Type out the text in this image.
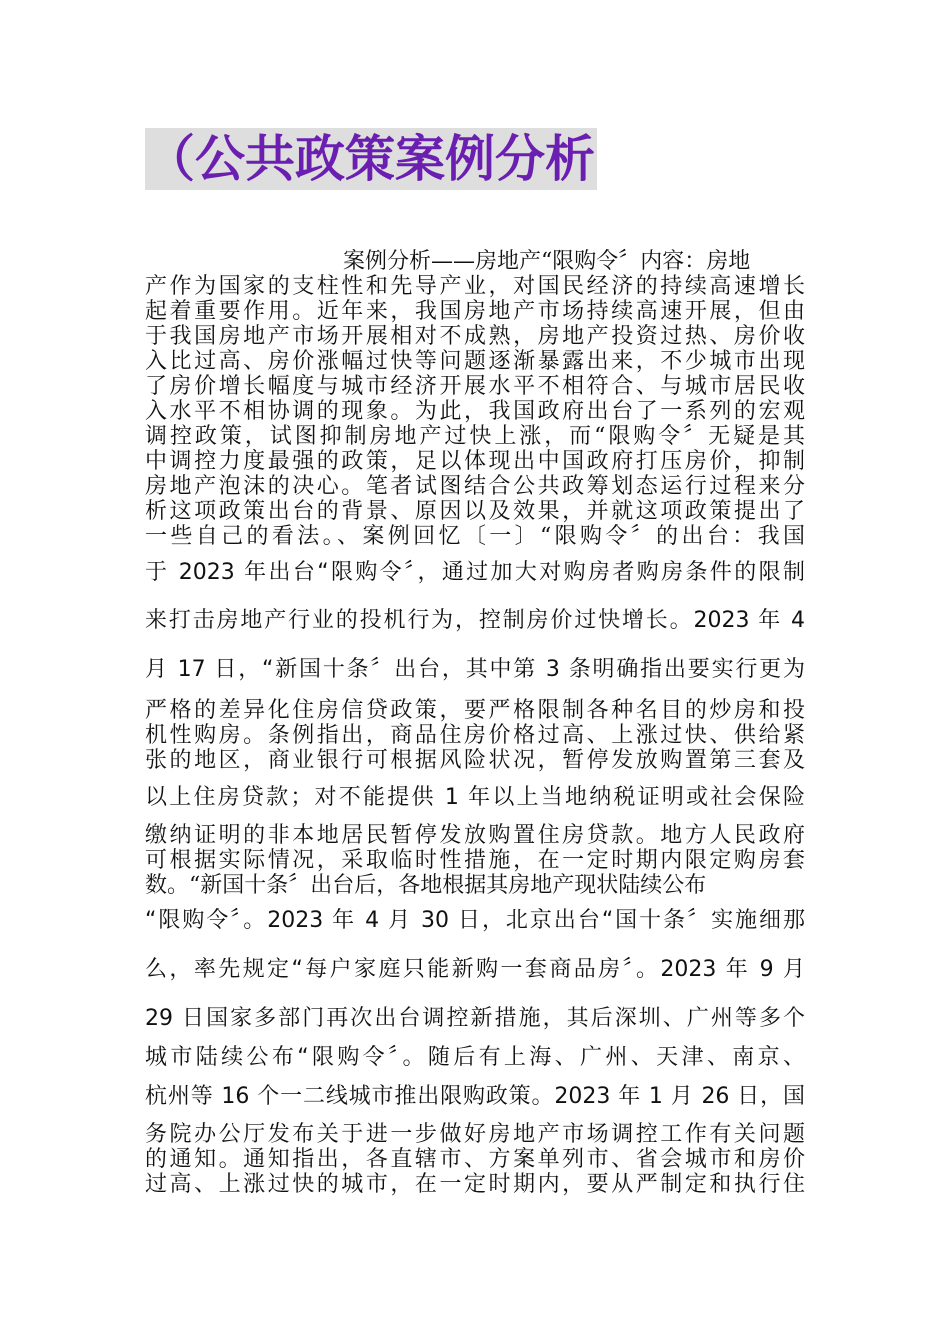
（公共政策案例分析
案例分析——房地产“限购令〞内容：房地
产作为国家的支柱性和先导产业，对国民经济的持续高速增长
起着重要作用。近年来，我国房地产市场持续高速开展，但由
于我国房地产市场开展相对不成熟，房地产投资过热、房价收
入比过高、房价涨幅过快等问题逐渐暴露出来，不少城市出现
了房价增长幅度与城市经济开展水平不相符合、与城市居民收
入水平不相协调的现象。为此，我国政府出台了一系列的宏观
调控政策，试图抑制房地产过快上涨，而“限购令〞无疑是其
中调控力度最强的政策，足以体现出中国政府打压房价，抑制
房地产泡沫的决心。笔者试图结合公共政筹划态运行过程来分
析这项政策出台的背景、原因以及效果，并就这项政策提出了
一些自己的看法。、案例回忆〔一〕“限购令〞的出台：我国
于 2023 年出台“限购令〞，通过加大对购房者购房条件的限制
来打击房地产行业的投机行为，控制房价过快增长。2023 年 4
月 17 日，“新国十条〞出台，其中第 3 条明确指出要实行更为
严格的差异化住房信贷政策，要严格限制各种名目的炒房和投
机性购房。条例指出，商品住房价格过高、上涨过快、供给紧
张的地区，商业银行可根据风险状况，暂停发放购置第三套及
以上住房贷款；对不能提供 1 年以上当地纳税证明或社会保险
缴纳证明的非本地居民暂停发放购置住房贷款。地方人民政府
可根据实际情况，采取临时性措施，在一定时期内限定购房套
数。“新国十条〞出台后，各地根据其房地产现状陆续公布
“限购令〞。2023 年 4 月 30 日，北京出台“国十条〞实施细那
么，率先规定“每户家庭只能新购一套商品房〞。2023 年 9 月
29 日国家多部门再次出台调控新措施，其后深圳、广州等多个
城市陆续公布“限购令〞。随后有上海、广州、天津、南京、
杭州等 16 个一二线城市推出限购政策。2023 年 1 月 26 日，国
务院办公厅发布关于进一步做好房地产市场调控工作有关问题
的通知。通知指出，各直辖市、方案单列市、省会城市和房价
过高、上涨过快的城市，在一定时期内，要从严制定和执行住
